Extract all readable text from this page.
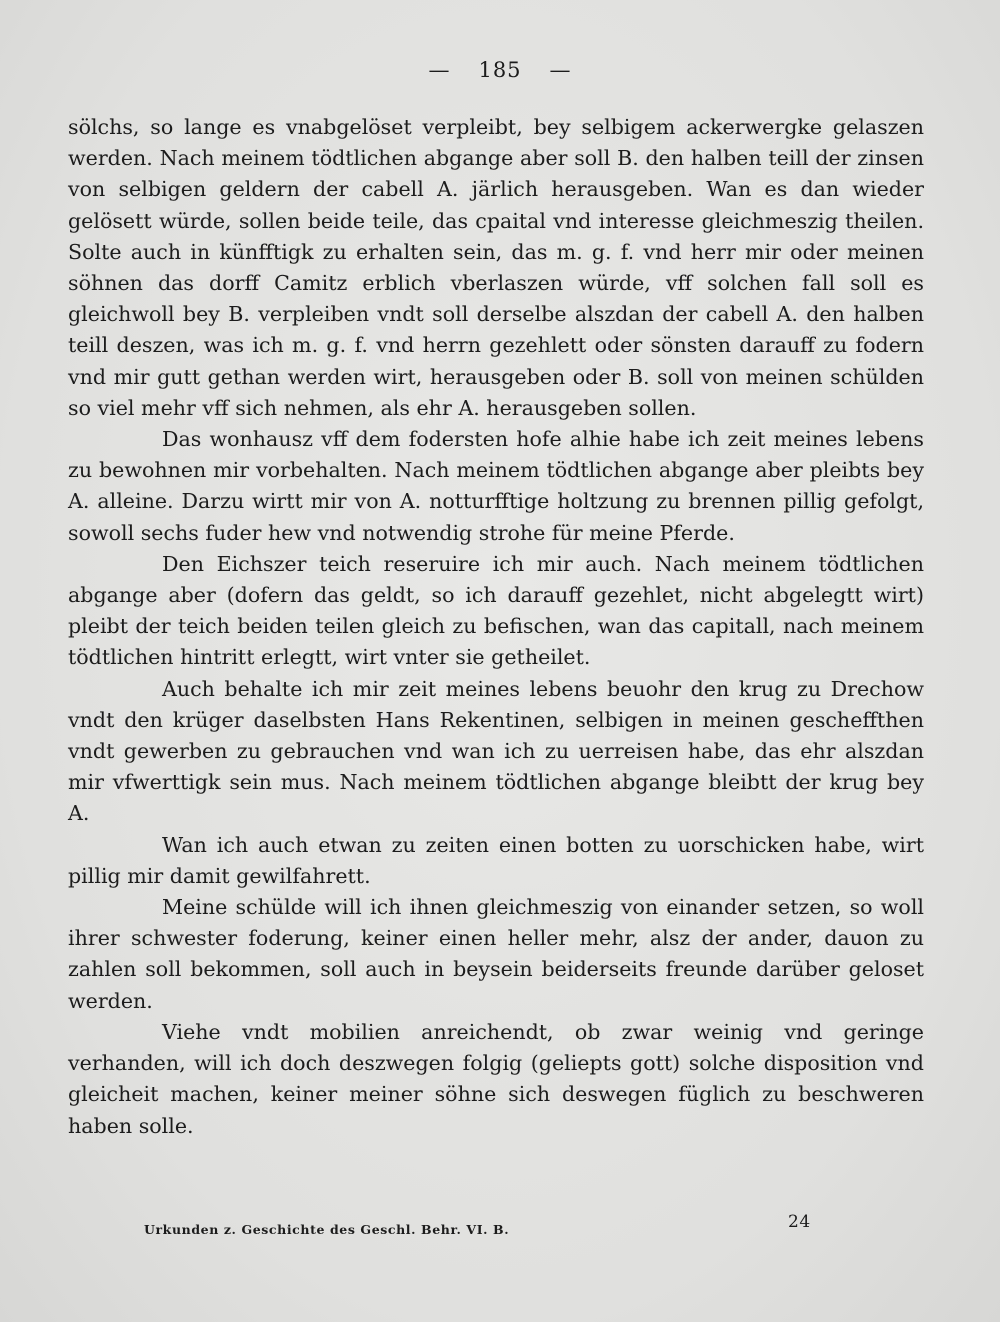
— 185 —

sölchs, so lange es vnabgelöset verpleibt, bey selbigem ackerwergke gelaszen werden. Nach meinem tödtlichen abgange aber soll B. den halben teill der zinsen von selbigen geldern der cabell A. järlich herausgeben. Wan es dan wieder gelösett würde, sollen beide teile, das cpaital vnd interesse gleichmeszig theilen. Solte auch in künfftigk zu erhalten sein, das m. g. f. vnd herr mir oder meinen söhnen das dorff Camitz erblich vberlaszen würde, vff solchen fall soll es gleichwoll bey B. verpleiben vndt soll derselbe alszdan der cabell A. den halben teill deszen, was ich m. g. f. vnd herrn gezehlett oder sönsten darauff zu fodern vnd mir gutt gethan werden wirt, herausgeben oder B. soll von meinen schülden so viel mehr vff sich nehmen, als ehr A. herausgeben sollen.

Das wonhausz vff dem fodersten hofe alhie habe ich zeit meines lebens zu bewohnen mir vorbehalten. Nach meinem tödtlichen abgange aber pleibts bey A. alleine. Darzu wirtt mir von A. notturfftige holtzung zu brennen pillig gefolgt, sowoll sechs fuder hew vnd notwendig strohe für meine Pferde.

Den Eichszer teich reseruire ich mir auch. Nach meinem tödtlichen abgange aber (dofern das geldt, so ich darauff gezehlet, nicht abgelegtt wirt) pleibt der teich beiden teilen gleich zu befischen, wan das capitall, nach meinem tödtlichen hintritt erlegtt, wirt vnter sie getheilet.

Auch behalte ich mir zeit meines lebens beuohr den krug zu Drechow vndt den krüger daselbsten Hans Rekentinen, selbigen in meinen gescheffthen vndt gewerben zu gebrauchen vnd wan ich zu uerreisen habe, das ehr alszdan mir vfwerttigk sein mus. Nach meinem tödtlichen abgange bleibtt der krug bey A.

Wan ich auch etwan zu zeiten einen botten zu uorschicken habe, wirt pillig mir damit gewilfahrett.

Meine schülde will ich ihnen gleichmeszig von einander setzen, so woll ihrer schwester foderung, keiner einen heller mehr, alsz der ander, dauon zu zahlen soll bekommen, soll auch in beysein beiderseits freunde darüber geloset werden.

Viehe vndt mobilien anreichendt, ob zwar weinig vnd geringe verhanden, will ich doch deszwegen folgig (geliepts gott) solche disposition vnd gleicheit machen, keiner meiner söhne sich deswegen füglich zu beschweren haben solle.

Urkunden z. Geschichte des Geschl. Behr. VI. B.	24
